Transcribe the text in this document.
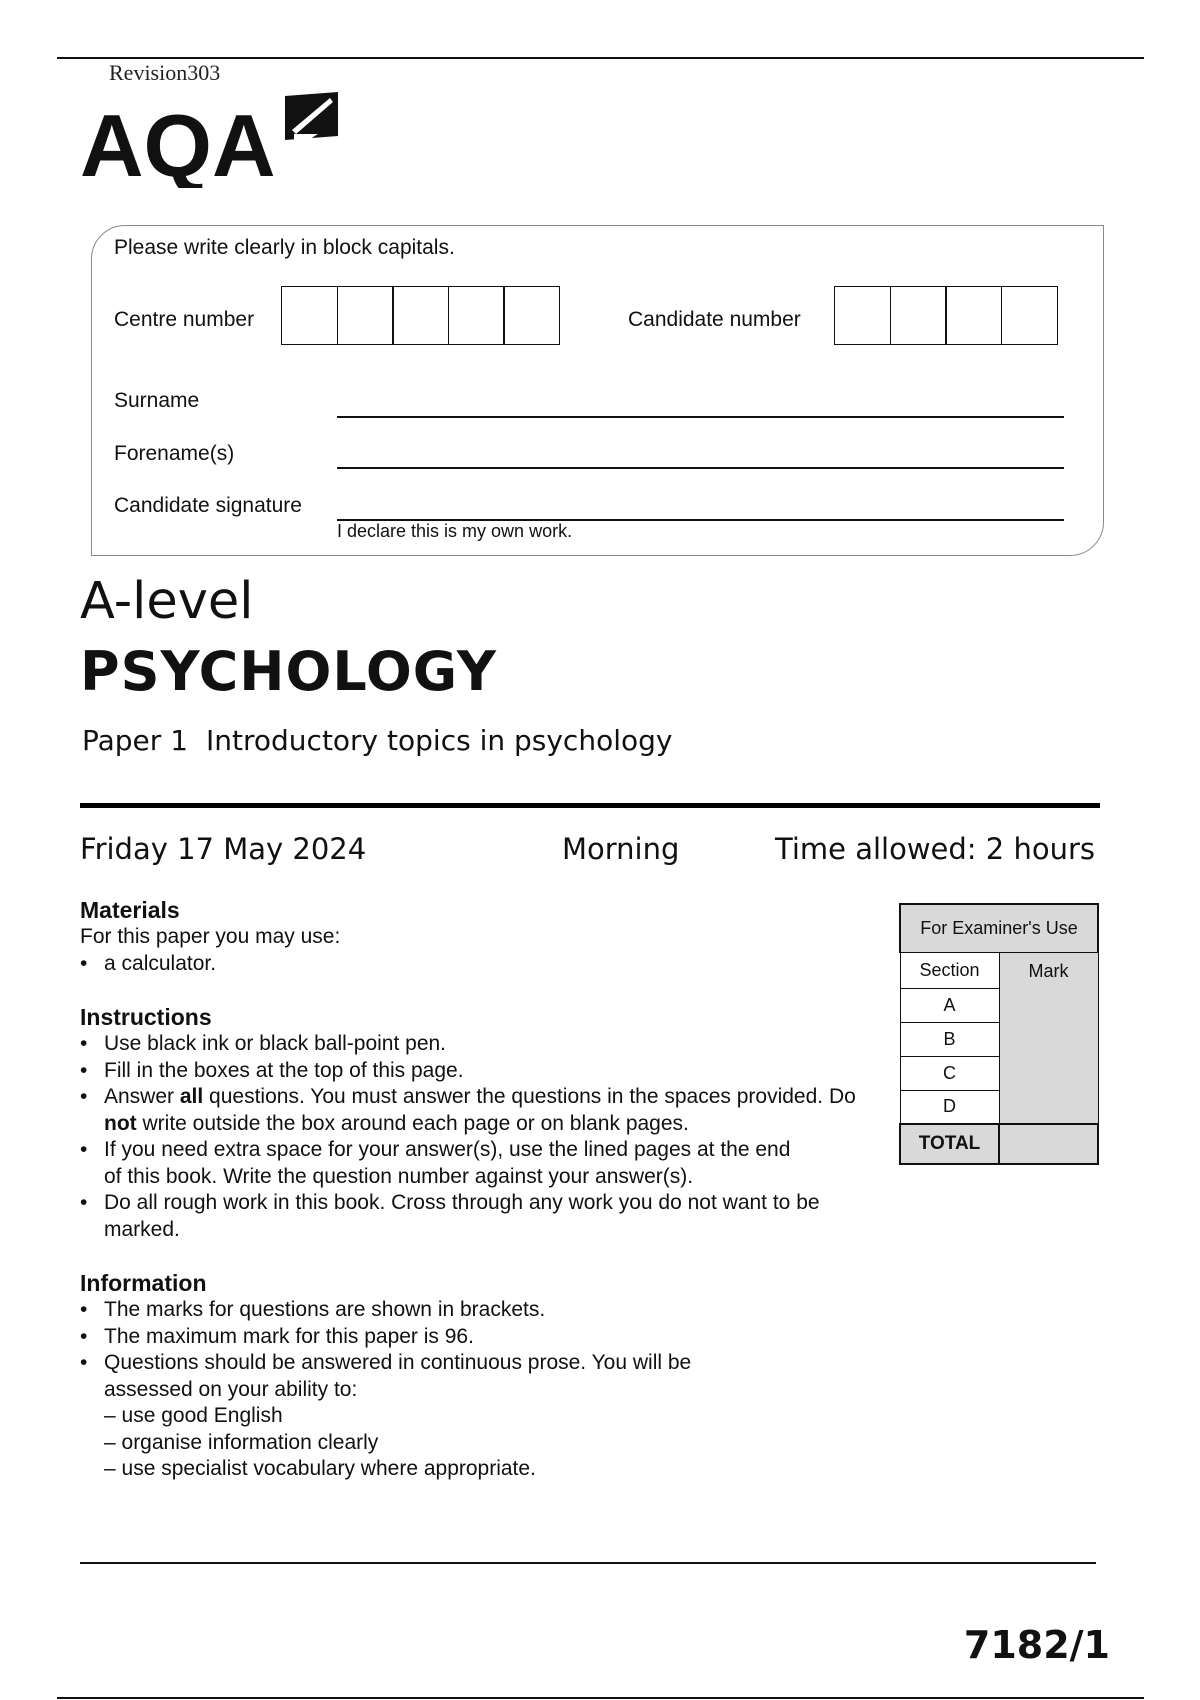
Revision303
AQA
Please write clearly in block capitals.
Centre number	Candidate number
Surname
Forename(s)
Candidate signature
I declare this is my own work.
A-level
PSYCHOLOGY
Paper 1 Introductory topics in psychology
Friday 17 May 2024	Morning	Time allowed: 2 hours
Materials
For this paper you may use:
• a calculator.
Instructions
• Use black ink or black ball-point pen.
• Fill in the boxes at the top of this page.
• Answer all questions. You must answer the questions in the spaces provided. Do not write outside the box around each page or on blank pages.
• If you need extra space for your answer(s), use the lined pages at the end of this book. Write the question number against your answer(s).
• Do all rough work in this book. Cross through any work you do not want to be marked.
Information
• The marks for questions are shown in brackets.
• The maximum mark for this paper is 96.
• Questions should be answered in continuous prose. You will be assessed on your ability to:
– use good English
– organise information clearly
– use specialist vocabulary where appropriate.
For Examiner's Use	
Section	Mark
A	
B	
C	
D	
TOTAL	
7182/1
